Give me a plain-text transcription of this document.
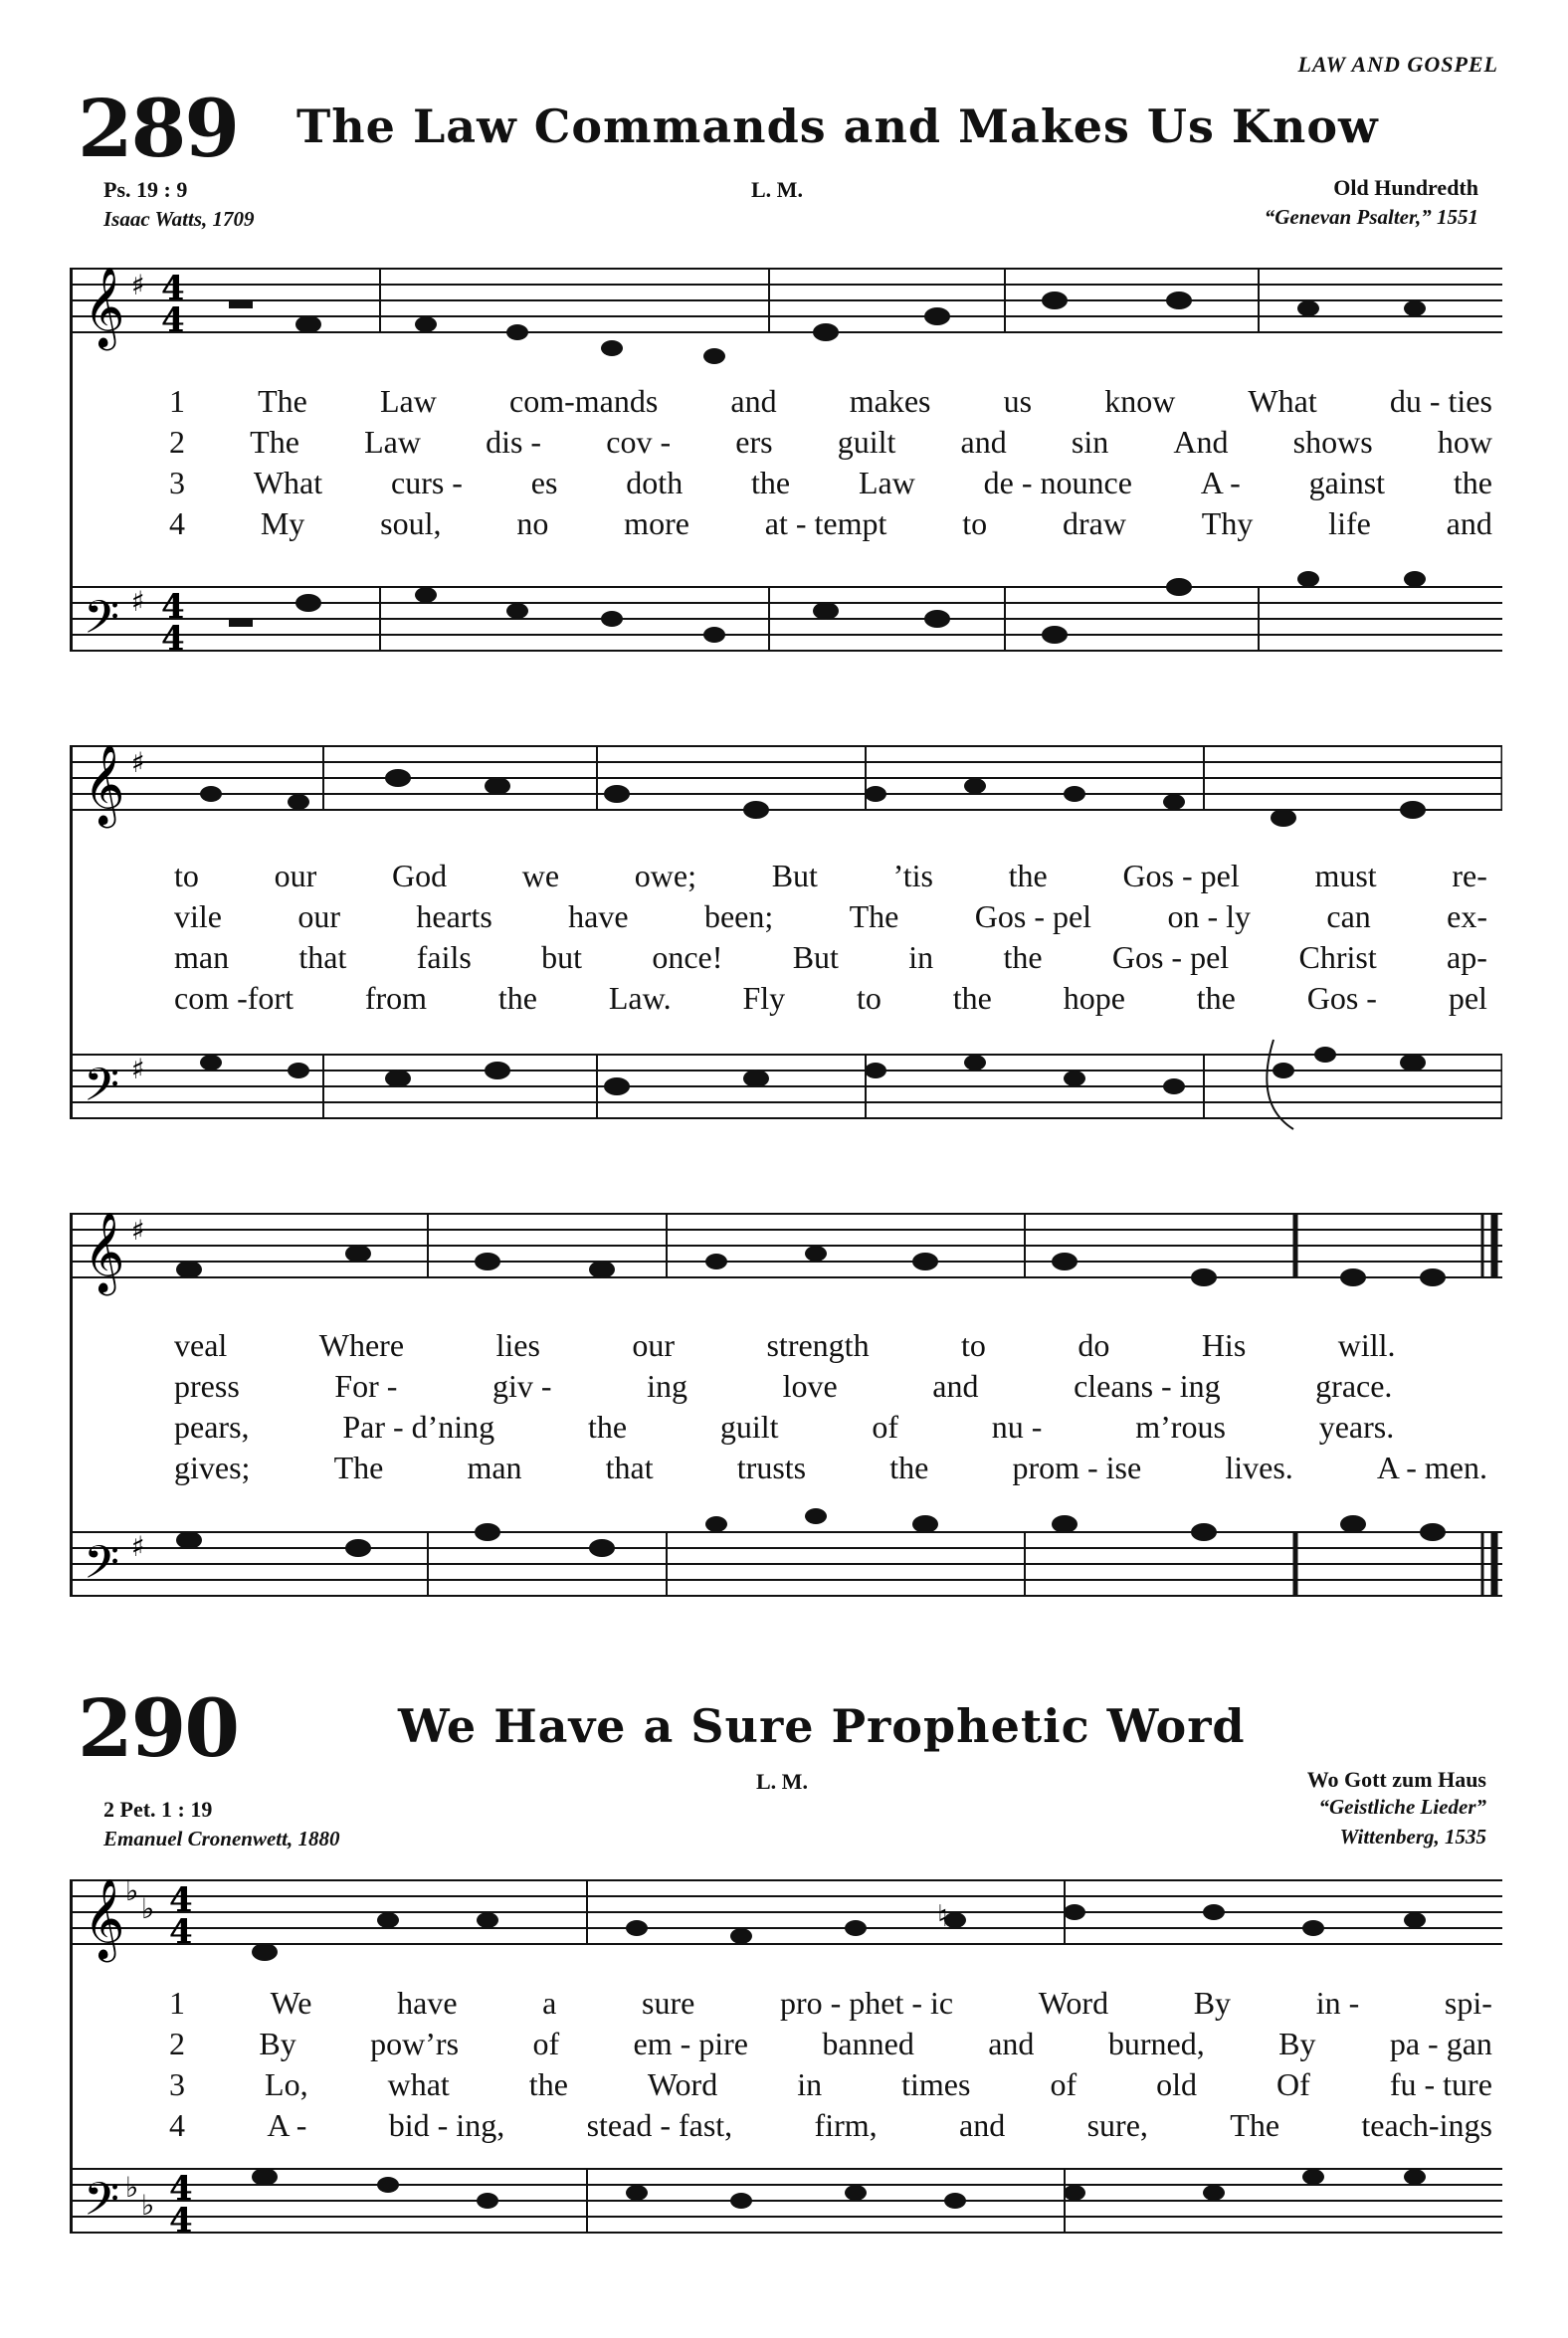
LAW AND GOSPEL
289 The Law Commands and Makes Us Know
Ps. 19 : 9
Isaac Watts, 1709
L. M.	Old Hundredth
“Genevan Psalter,” 1551
𝄞
𝄢
♯
♯
4
4
4
4
1 The Law com-mands and makes us know What du - ties
2 The Law dis - cov - ers guilt and sin And shows how
3 What curs - es doth the Law de - nounce A - gainst the
4 My soul, no more at - tempt to draw Thy life and
𝄞
𝄢
♯
♯
to our God we owe; But ’tis the Gos - pel must re-
vile our hearts have been; The Gos - pel on - ly can ex-
man that fails but once! But in the Gos - pel Christ ap-
com -fort from the Law. Fly to the hope the Gos - pel
𝄞
𝄢
♯
♯
veal	Where	lies	our	strength	to	do	His	will.
press	For -	giv -	ing	love	and	cleans - ing	grace.
pears,	Par - d’ning	the	guilt	of	nu -	m’rous	years.
gives;	The	man	that	trusts	the	prom - ise	lives.	A - men.
290	We Have a Sure Prophetic Word
L. M.	Wo Gott zum Haus
2 Pet. 1 : 19	“Geistliche Lieder”
Emanuel Cronenwett, 1880	Wittenberg, 1535
𝄞
𝄢
♭
♭
♭
♭
4
4
4
4
♮
1	We	have	a	sure	pro - phet - ic	Word	By	in -	spi-
2 By pow’rs of em - pire banned and burned, By pa - gan
3	Lo,	what	the	Word	in	times	of	old	Of	fu - ture
4	A -	bid - ing,	stead - fast,	firm,	and	sure,	The	teach-ings
